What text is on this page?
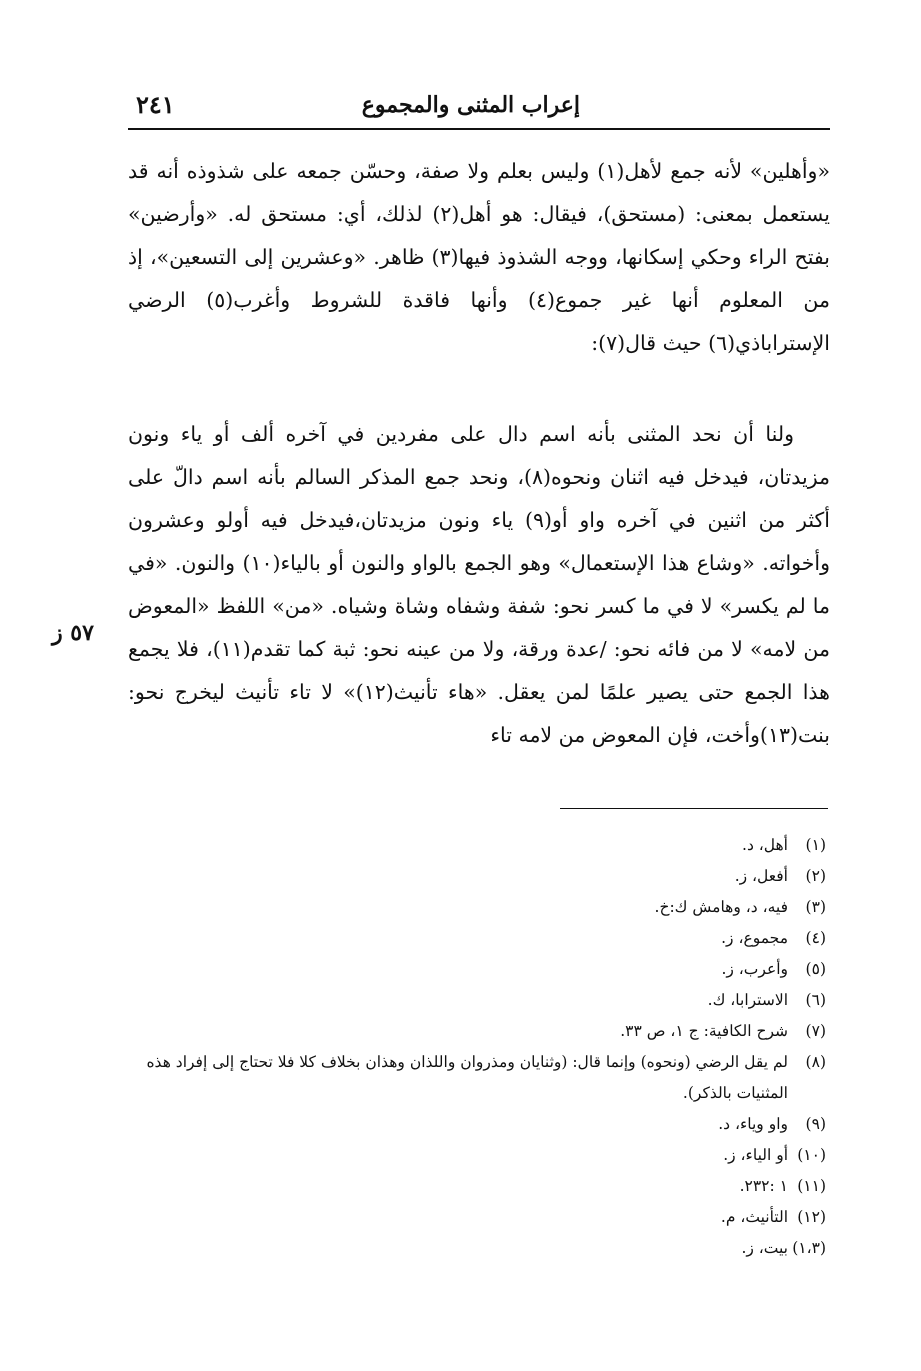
إعراب المثنى والمجموع
٢٤١
«وأهلين» لأنه جمع لأهل(١) وليس بعلم ولا صفة، وحسّن جمعه على شذوذه أنه قد يستعمل بمعنى: (مستحق)، فيقال: هو أهل(٢) لذلك، أي: مستحق له. «وأرضين» بفتح الراء وحكي إسكانها، ووجه الشذوذ فيها(٣) ظاهر. «وعشرين إلى التسعين»، إذ من المعلوم أنها غير جموع(٤) وأنها فاقدة للشروط وأغرب(٥) الرضي الإستراباذي(٦) حيث قال(٧):
ولنا أن نحد المثنى بأنه اسم دال على مفردين في آخره ألف أو ياء ونون مزيدتان، فيدخل فيه اثنان ونحوه(٨)، ونحد جمع المذكر السالم بأنه اسم دالّ على أكثر من اثنين في آخره واو أو(٩) ياء ونون مزيدتان،فيدخل فيه أولو وعشرون وأخواته. «وشاع هذا الإستعمال» وهو الجمع بالواو والنون أو بالياء(١٠) والنون. «في ما لم يكسر» لا في ما كسر نحو: شفة وشفاه وشاة وشياه. «من» اللفظ «المعوض من لامه» لا من فائه نحو: /عدة ورقة، ولا من عينه نحو: ثبة كما تقدم(١١)، فلا يجمع هذا الجمع حتى يصير علمًا لمن يعقل. «هاء تأنيث(١٢)» لا تاء تأنيث ليخرج نحو: بنت(١٣)وأخت، فإن المعوض من لامه تاء
٥٧ ز
(١)
أهل، د.
(٢)
أفعل، ز.
(٣)
فيه، د، وهامش ك:خ.
(٤)
مجموع، ز.
(٥)
وأعرب، ز.
(٦)
الاسترابا، ك.
(٧)
شرح الكافية: ج ١، ص ٣٣.
(٨)
لم يقل الرضي (ونحوه) وإنما قال: (وثنايان ومذروان واللذان وهذان بخلاف كلا فلا تحتاج إلى إفراد هذه المثنيات بالذكر).
(٩)
واو وياء، د.
(١٠)
أو الياء، ز.
(١١)
١ :٢٣٢.
(١٢)
التأنيث، م.
(١،٣)
بيت، ز.
